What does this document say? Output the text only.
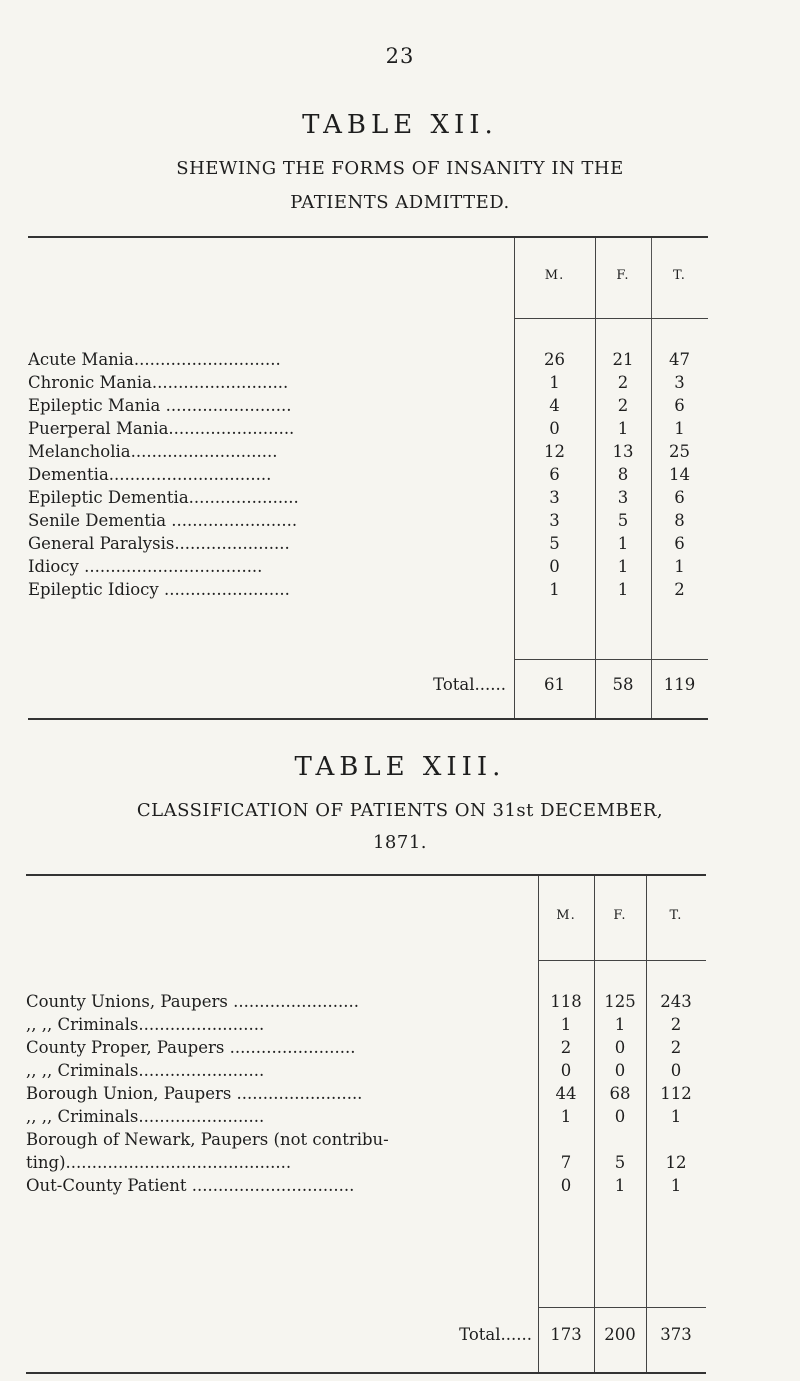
23
TABLE XII.
SHEWING THE FORMS OF INSANITY IN THE
PATIENTS ADMITTED.
M.	F.	T.
Acute Mania............................	26	21	47
Chronic Mania..........................	1	2	3
Epileptic Mania ........................	4	2	6
Puerperal Mania........................	0	1	1
Melancholia............................	12	13	25
Dementia...............................	6	8	14
Epileptic Dementia.....................	3	3	6
Senile Dementia ........................	3	5	8
General Paralysis......................	5	1	6
Idiocy ..................................	0	1	1
Epileptic Idiocy ........................	1	1	2
Total......	61	58	119
TABLE XIII.
CLASSIFICATION OF PATIENTS ON 31st DECEMBER,
1871.
M.	F.	T.
County Unions, Paupers ........................	118	125	243
,, ,, Criminals........................	1	1	2
County Proper, Paupers ........................	2	0	2
,, ,, Criminals........................	0	0	0
Borough Union, Paupers ........................	44	68	112
,, ,, Criminals........................	1	0	1
Borough of Newark, Paupers (not contribu-
ting)...........................................	7	5	12
Out-County Patient ...............................	0	1	1
Total......	173	200	373
